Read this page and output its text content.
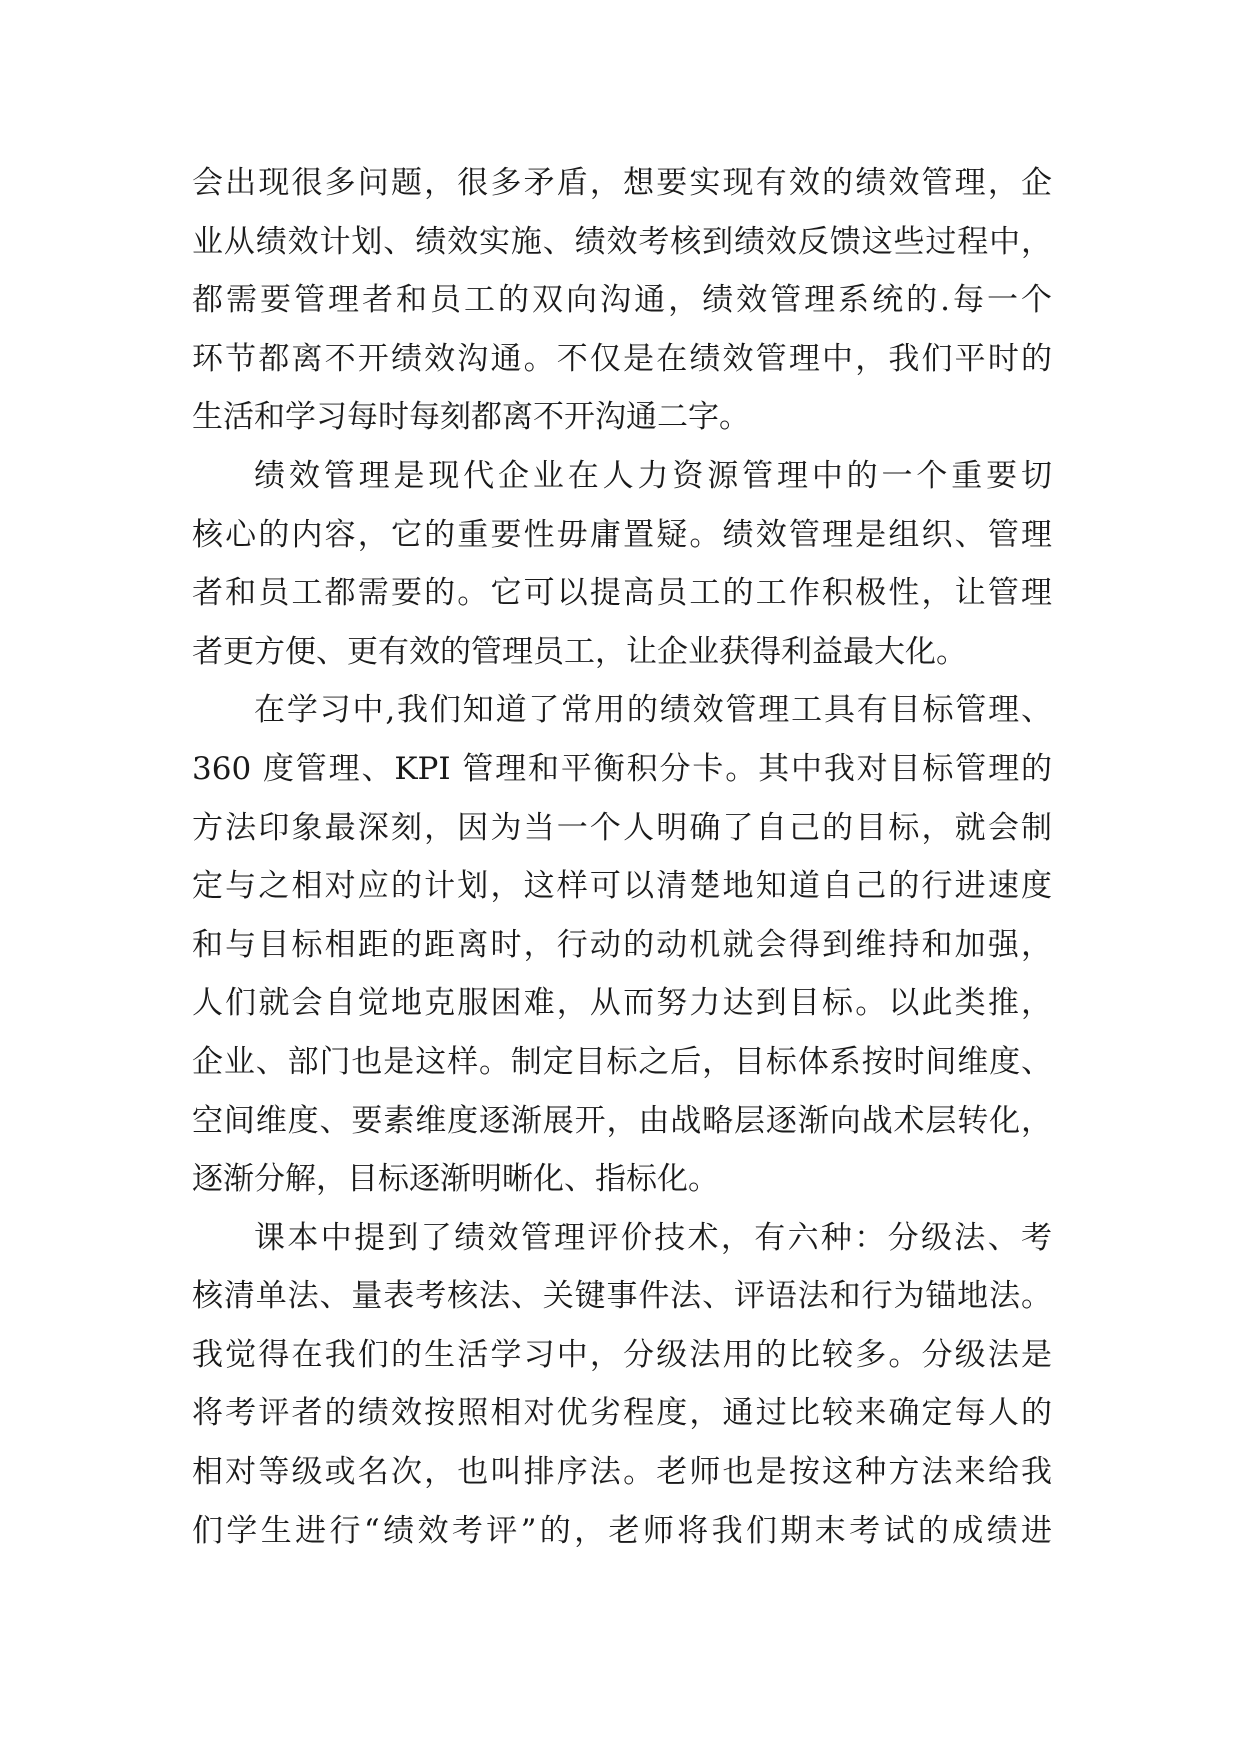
会出现很多问题，很多矛盾，想要实现有效的绩效管理，企
业从绩效计划、绩效实施、绩效考核到绩效反馈这些过程中，
都需要管理者和员工的双向沟通，绩效管理系统的.每一个
环节都离不开绩效沟通。不仅是在绩效管理中，我们平时的
生活和学习每时每刻都离不开沟通二字。
绩效管理是现代企业在人力资源管理中的一个重要切
核心的内容，它的重要性毋庸置疑。绩效管理是组织、管理
者和员工都需要的。它可以提高员工的工作积极性，让管理
者更方便、更有效的管理员工，让企业获得利益最大化。
在学习中,我们知道了常用的绩效管理工具有目标管理、
360 度管理、KPI 管理和平衡积分卡。其中我对目标管理的
方法印象最深刻，因为当一个人明确了自己的目标，就会制
定与之相对应的计划，这样可以清楚地知道自己的行进速度
和与目标相距的距离时，行动的动机就会得到维持和加强，
人们就会自觉地克服困难，从而努力达到目标。以此类推，
企业、部门也是这样。制定目标之后，目标体系按时间维度、
空间维度、要素维度逐渐展开，由战略层逐渐向战术层转化，
逐渐分解，目标逐渐明晰化、指标化。
课本中提到了绩效管理评价技术，有六种：分级法、考
核清单法、量表考核法、关键事件法、评语法和行为锚地法。
我觉得在我们的生活学习中，分级法用的比较多。分级法是
将考评者的绩效按照相对优劣程度，通过比较来确定每人的
相对等级或名次，也叫排序法。老师也是按这种方法来给我
们学生进行“绩效考评”的，老师将我们期末考试的成绩进
